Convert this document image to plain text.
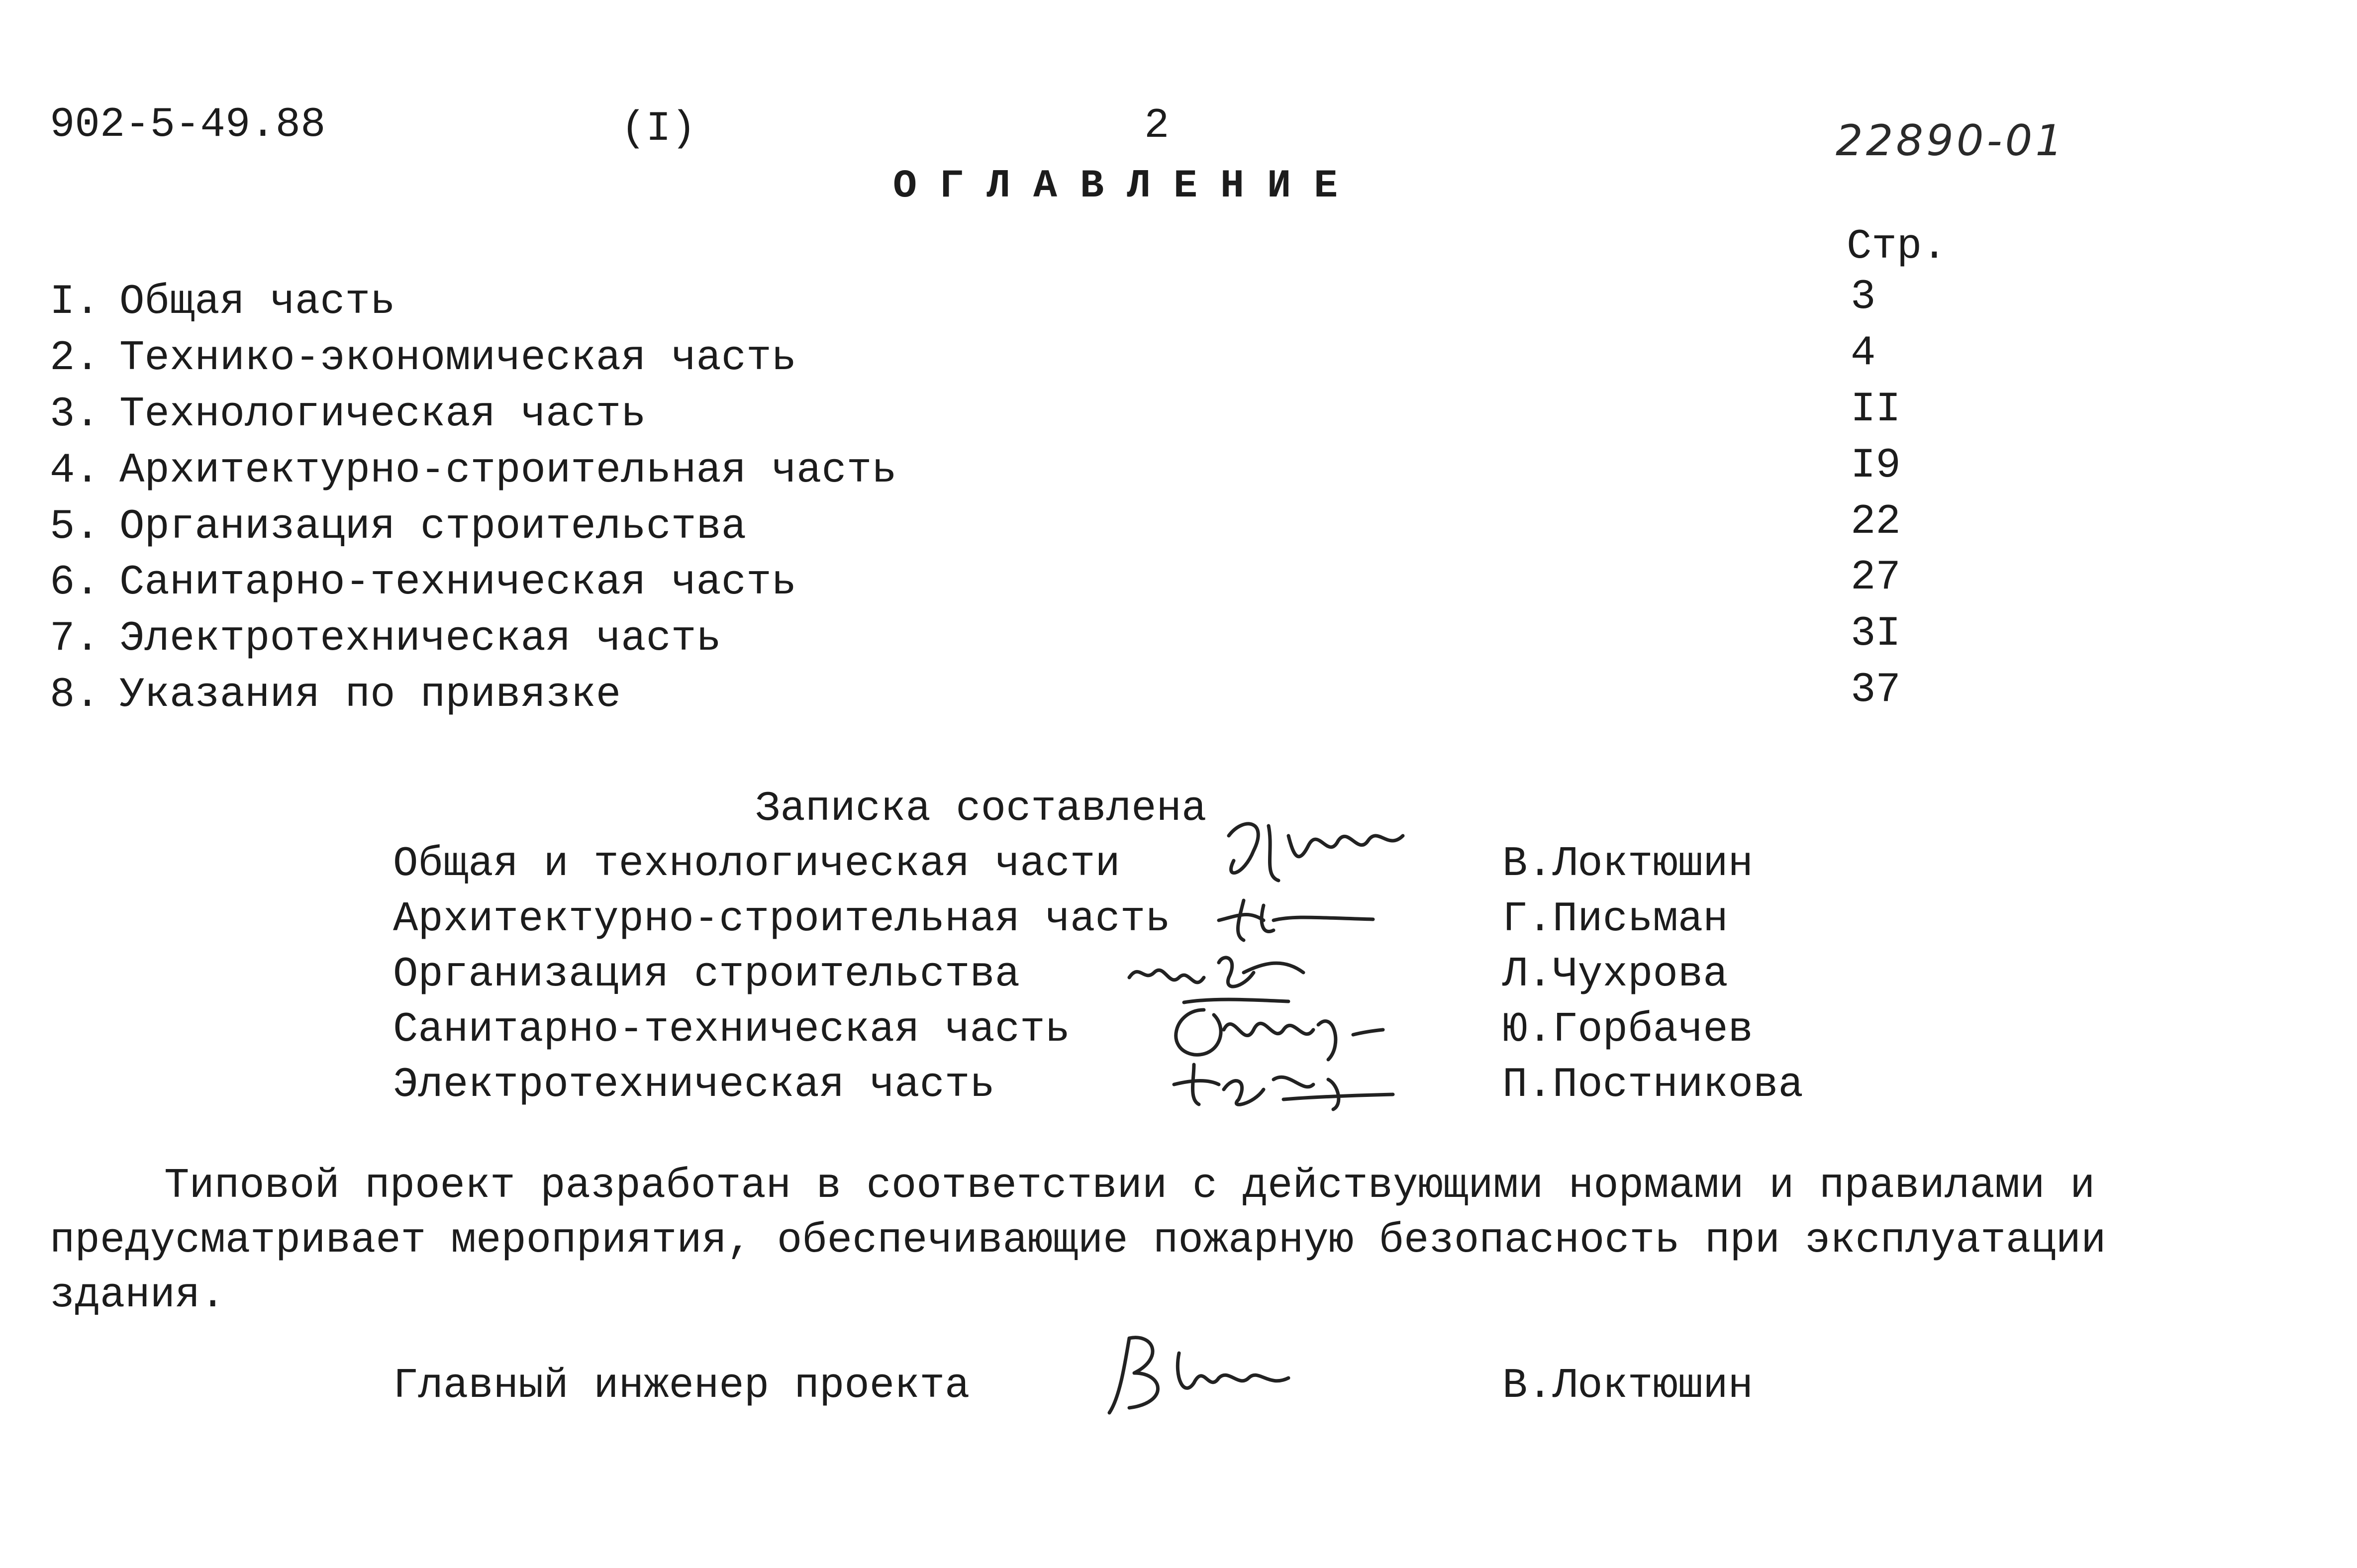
902-5-49.88	(I)	2	22890-01
ОГЛАВЛЕНИЕ
Стр.
I. Общая часть	3
2. Технико-экономическая часть	4
3. Технологическая часть	II
4. Архитектурно-строительная часть	I9
5. Организация строительства	22
6. Санитарно-техническая часть	27
7. Электротехническая часть	3I
8. Указания по привязке	37
Записка составлена
Общая и технологическая части	В.Локтюшин
Архитектурно-строительная часть	Г.Письман
Организация строительства	Л.Чухрова
Санитарно-техническая часть	Ю.Горбачев
Электротехническая часть	П.Постникова
Типовой проект разработан в соответствии с действующими нормами и правилами и предусматривает мероприятия, обеспечивающие пожарную безопасность при эксплуатации здания.
Главный инженер проекта	В.Локтюшин
